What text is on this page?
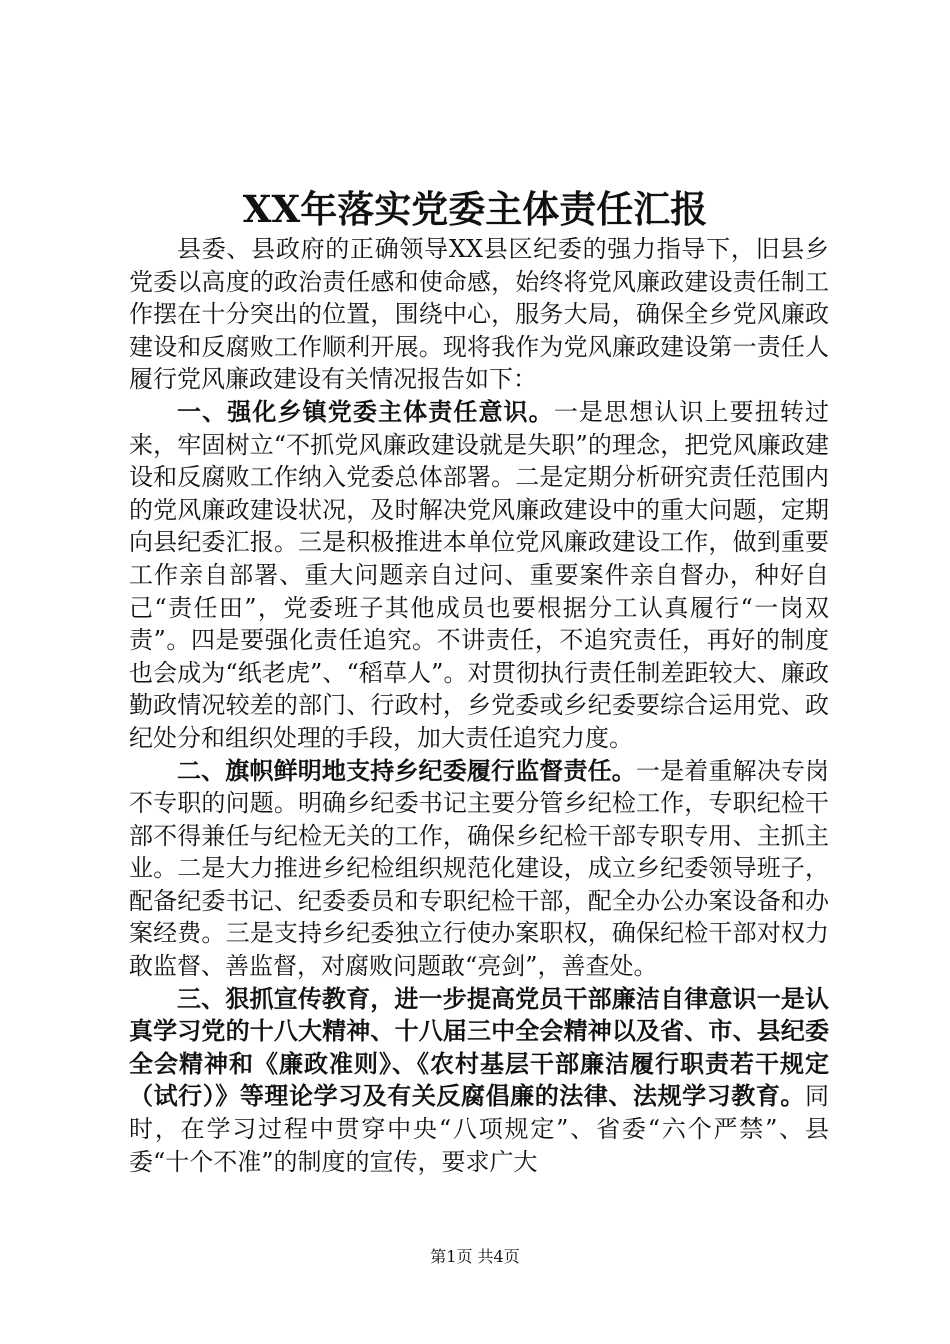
XX年落实党委主体责任汇报

县委、县政府的正确领导XX县区纪委的强力指导下，旧县乡党委以高度的政治责任感和使命感，始终将党风廉政建设责任制工作摆在十分突出的位置，围绕中心，服务大局，确保全乡党风廉政建设和反腐败工作顺利开展。现将我作为党风廉政建设第一责任人履行党风廉政建设有关情况报告如下：

一、强化乡镇党委主体责任意识。一是思想认识上要扭转过来，牢固树立“不抓党风廉政建设就是失职”的理念，把党风廉政建设和反腐败工作纳入党委总体部署。二是定期分析研究责任范围内的党风廉政建设状况，及时解决党风廉政建设中的重大问题，定期向县纪委汇报。三是积极推进本单位党风廉政建设工作，做到重要工作亲自部署、重大问题亲自过问、重要案件亲自督办，种好自己“责任田”，党委班子其他成员也要根据分工认真履行“一岗双责”。四是要强化责任追究。不讲责任，不追究责任，再好的制度也会成为“纸老虎”、“稻草人”。对贯彻执行责任制差距较大、廉政勤政情况较差的部门、行政村，乡党委或乡纪委要综合运用党、政纪处分和组织处理的手段，加大责任追究力度。

二、旗帜鲜明地支持乡纪委履行监督责任。一是着重解决专岗不专职的问题。明确乡纪委书记主要分管乡纪检工作，专职纪检干部不得兼任与纪检无关的工作，确保乡纪检干部专职专用、主抓主业。二是大力推进乡纪检组织规范化建设，成立乡纪委领导班子，配备纪委书记、纪委委员和专职纪检干部，配全办公办案设备和办案经费。三是支持乡纪委独立行使办案职权，确保纪检干部对权力敢监督、善监督，对腐败问题敢“亮剑”，善查处。

三、狠抓宣传教育，进一步提高党员干部廉洁自律意识一是认真学习党的十八大精神、十八届三中全会精神以及省、市、县纪委全会精神和《廉政准则》、《农村基层干部廉洁履行职责若干规定（试行）》等理论学习及有关反腐倡廉的法律、法规学习教育。同时，在学习过程中贯穿中央“八项规定”、省委“六个严禁”、县委“十个不准”的制度的宣传，要求广大

第1页 共4页
